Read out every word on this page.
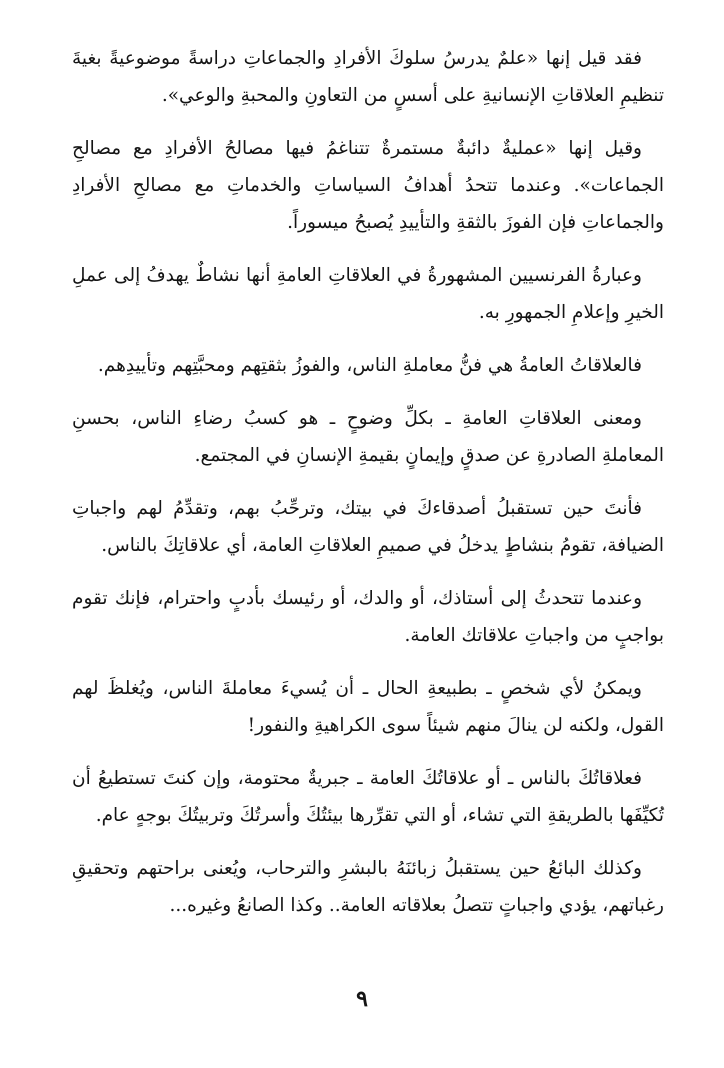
فقد قيل إنها «علمٌ يدرسُ سلوكَ الأفرادِ والجماعاتِ دراسةً موضوعيةً بغيةَ تنظيمِ العلاقاتِ الإنسانيةِ على أسسٍ من التعاونِ والمحبةِ والوعي».

وقيل إنها «عمليةٌ دائبةٌ مستمرةٌ تتناغمُ فيها مصالحُ الأفرادِ مع مصالحِ الجماعات». وعندما تتحدُ أهدافُ السياساتِ والخدماتِ مع مصالحِ الأفرادِ والجماعاتِ فإن الفوزَ بالثقةِ والتأييدِ يُصبحُ ميسوراً.

وعبارةُ الفرنسيين المشهورةُ في العلاقاتِ العامةِ أنها نشاطٌ يهدفُ إلى عملِ الخيرِ وإعلامِ الجمهورِ به.

فالعلاقاتُ العامةُ هي فنُّ معاملةِ الناس، والفوزُ بثقتِهم ومحبَّتِهم وتأييدِهم.

ومعنى العلاقاتِ العامةِ ـ بكلِّ وضوحٍ ـ هو كسبُ رضاءِ الناس، بحسنِ المعاملةِ الصادرةِ عن صدقٍ وإيمانٍ بقيمةِ الإنسانِ في المجتمع.

فأنتَ حين تستقبلُ أصدقاءكَ في بيتك، وترحِّبُ بهم، وتقدِّمُ لهم واجباتِ الضيافة، تقومُ بنشاطٍ يدخلُ في صميمِ العلاقاتِ العامة، أي علاقاتِكَ بالناس.

وعندما تتحدثُ إلى أستاذك، أو والدك، أو رئيسك بأدبٍ واحترام، فإنك تقوم بواجبٍ من واجباتِ علاقاتك العامة.

ويمكنُ لأي شخصٍ ـ بطبيعةِ الحال ـ أن يُسيءَ معاملةَ الناس، ويُغلظَ لهم القول، ولكنه لن ينالَ منهم شيئاً سوى الكراهيةِ والنفور!

فعلاقاتُكَ بالناس ـ أو علاقاتُكَ العامة ـ جبريةٌ محتومة، وإن كنتَ تستطيعُ أن تُكيِّفَها بالطريقةِ التي تشاء، أو التي تقرِّرها بيئتُكَ وأسرتُكَ وتربيتُكَ بوجهٍ عام.

وكذلك البائعُ حين يستقبلُ زبائنَهُ بالبشرِ والترحاب، ويُعنى براحتهم وتحقيقِ رغباتهم، يؤدي واجباتٍ تتصلُ بعلاقاته العامة.. وكذا الصانعُ وغيره...

٩
